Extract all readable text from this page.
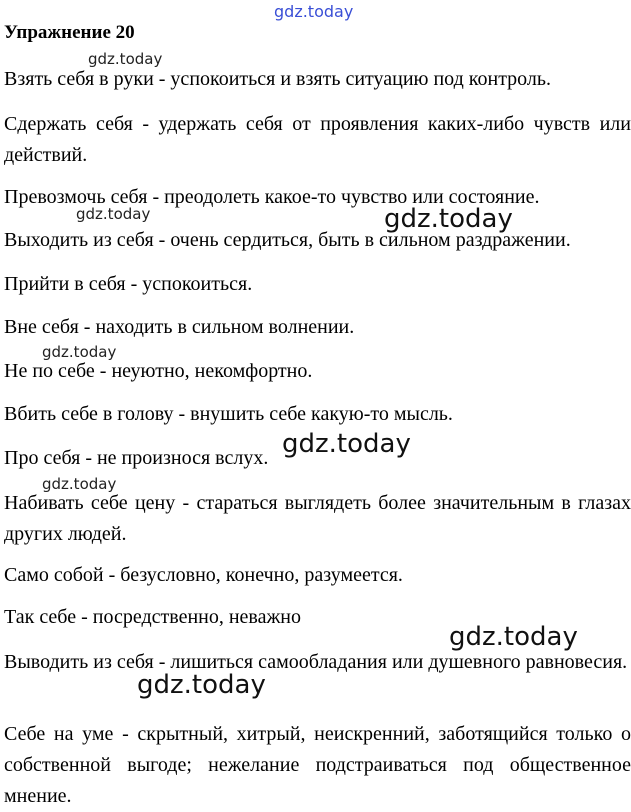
gdz.today
Упражнение 20
Взять себя в руки - успокоиться и взять ситуацию под контроль.
Сдержать себя - удержать себя от проявления каких-либо чувств или действий.
Превозмочь себя - преодолеть какое-то чувство или состояние.
Выходить из себя - очень сердиться, быть в сильном раздражении.
Прийти в себя - успокоиться.
Вне себя - находить в сильном волнении.
Не по себе - неуютно, некомфортно.
Вбить себе в голову - внушить себе какую-то мысль.
Про себя - не произнося вслух.
Набивать себе цену - стараться выглядеть более значительным в глазах других людей.
Само собой - безусловно, конечно, разумеется.
Так себе - посредственно, неважно
Выводить из себя - лишиться самообладания или душевного равновесия.
Себе на уме - скрытный, хитрый, неискренний, заботящийся только о собственной выгоде; нежелание подстраиваться под общественное мнение.
gdz.today
gdz.today	gdz.today
gdz.today
gdz.today
gdz.today
gdz.today
gdz.today
